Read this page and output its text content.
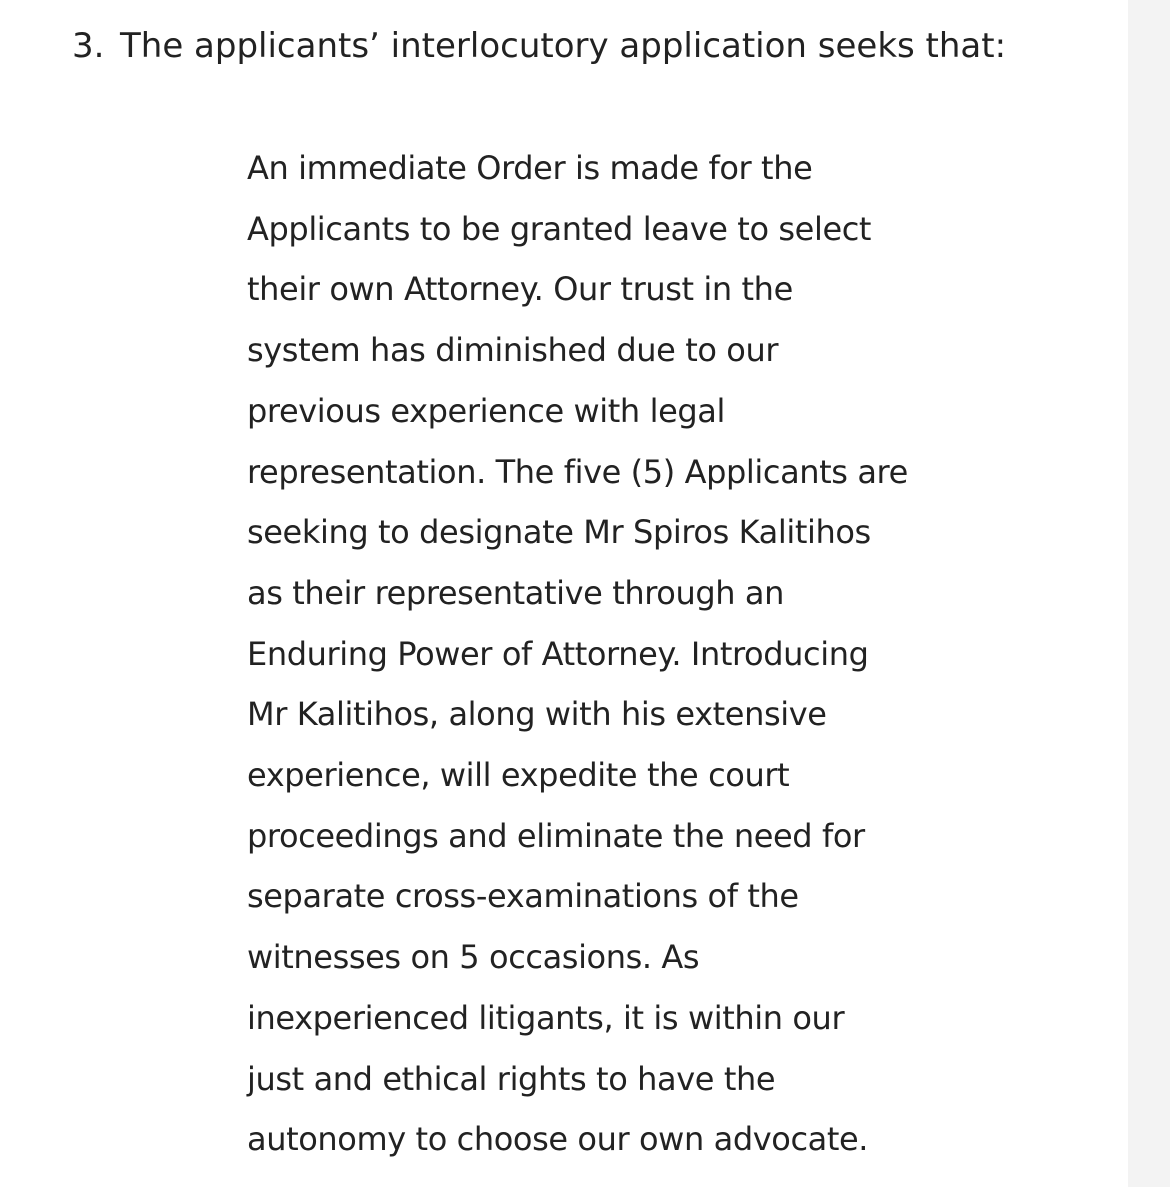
3. The applicants’ interlocutory application seeks that:
An immediate Order is made for the
Applicants to be granted leave to select
their own Attorney. Our trust in the
system has diminished due to our
previous experience with legal
representation. The five (5) Applicants are
seeking to designate Mr Spiros Kalitihos
as their representative through an
Enduring Power of Attorney. Introducing
Mr Kalitihos, along with his extensive
experience, will expedite the court
proceedings and eliminate the need for
separate cross-examinations of the
witnesses on 5 occasions. As
inexperienced litigants, it is within our
just and ethical rights to have the
autonomy to choose our own advocate.
